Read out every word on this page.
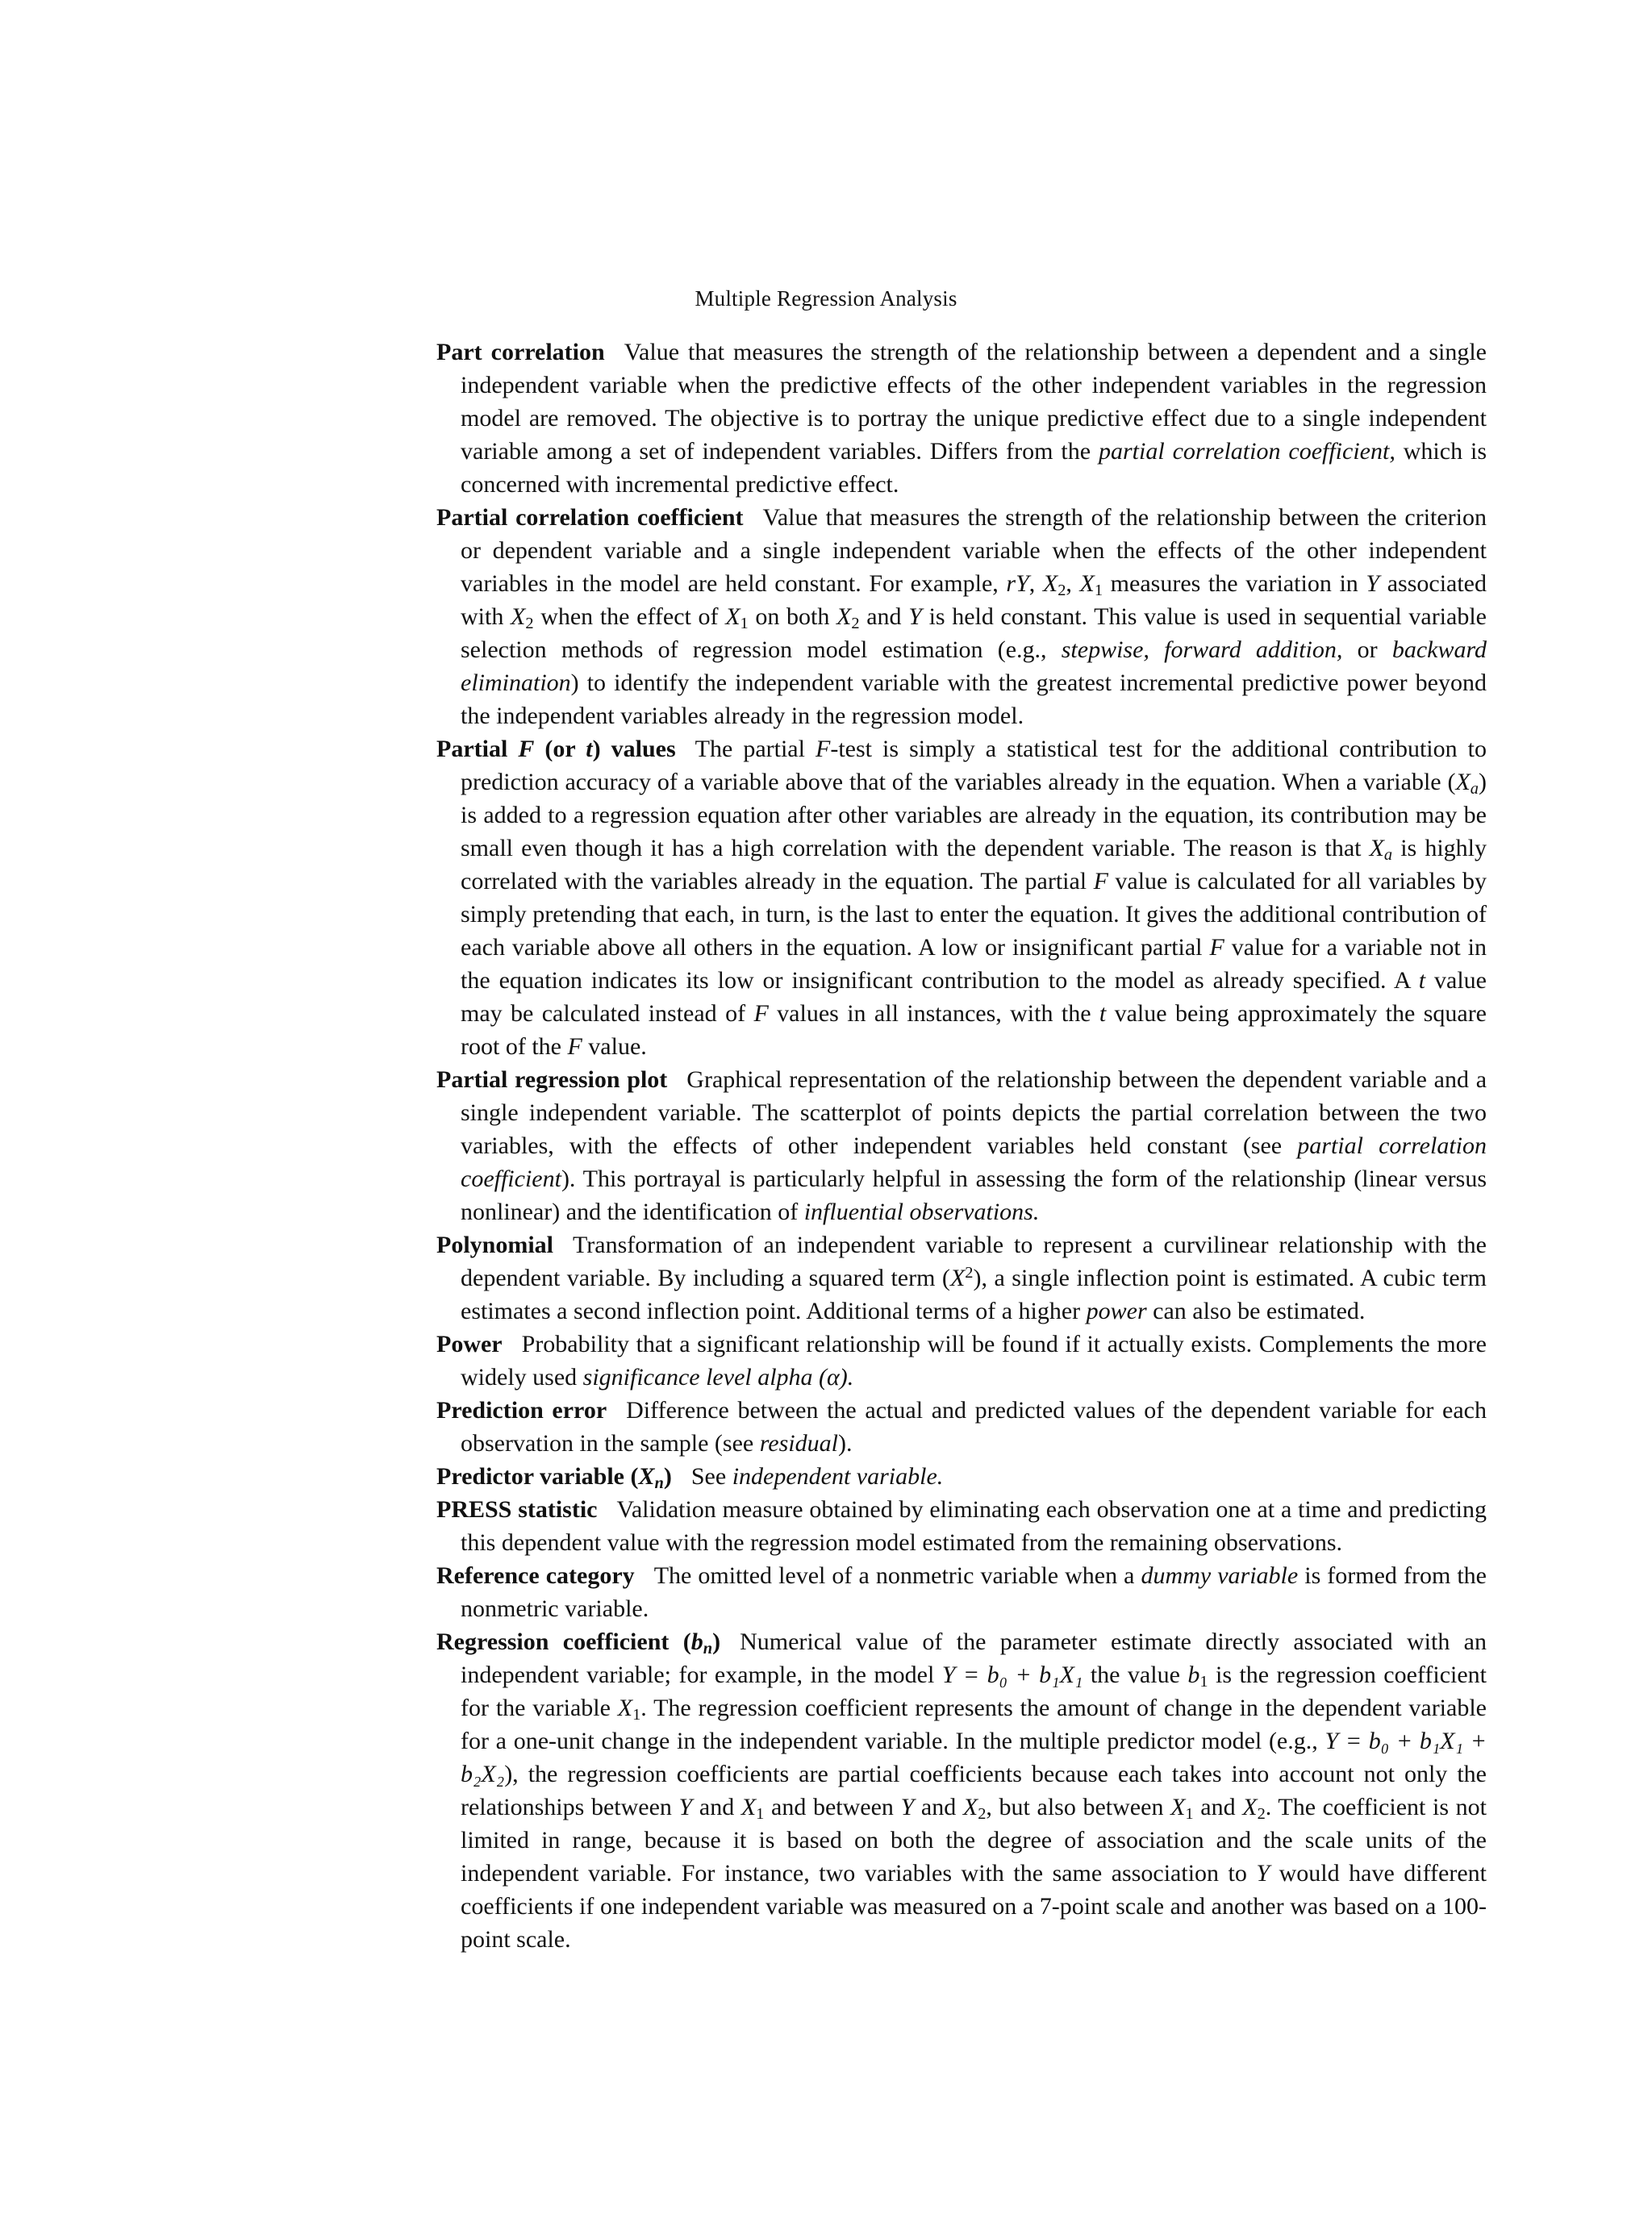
Multiple Regression Analysis

Part correlation Value that measures the strength of the relationship between a dependent and a single independent variable when the predictive effects of the other independent variables in the regression model are removed. The objective is to portray the unique predictive effect due to a single independent variable among a set of independent variables. Differs from the partial correlation coefficient, which is concerned with incremental predictive effect.

Partial correlation coefficient Value that measures the strength of the relationship between the criterion or dependent variable and a single independent variable when the effects of the other independent variables in the model are held constant. For example, rY, $X_2$, $X_1$ measures the variation in Y associated with $X_2$ when the effect of $X_1$ on both $X_2$ and Y is held constant. This value is used in sequential variable selection methods of regression model estimation (e.g., stepwise, forward addition, or backward elimination) to identify the independent variable with the greatest incremental predictive power beyond the independent variables already in the regression model.

Partial F (or t) values The partial F-test is simply a statistical test for the additional contribution to prediction accuracy of a variable above that of the variables already in the equation. When a variable $(X_a)$ is added to a regression equation after other variables are already in the equation, its contribution may be small even though it has a high correlation with the dependent variable. The reason is that $X_a$ is highly correlated with the variables already in the equation. The partial F value is calculated for all variables by simply pretending that each, in turn, is the last to enter the equation. It gives the additional contribution of each variable above all others in the equation. A low or insignificant partial F value for a variable not in the equation indicates its low or insignificant contribution to the model as already specified. A t value may be calculated instead of F values in all instances, with the t value being approximately the square root of the F value.

Partial regression plot Graphical representation of the relationship between the dependent variable and a single independent variable. The scatterplot of points depicts the partial correlation between the two variables, with the effects of other independent variables held constant (see partial correlation coefficient). This portrayal is particularly helpful in assessing the form of the relationship (linear versus nonlinear) and the identification of influential observations.

Polynomial Transformation of an independent variable to represent a curvilinear relationship with the dependent variable. By including a squared term $(X^2)$, a single inflection point is estimated. A cubic term estimates a second inflection point. Additional terms of a higher power can also be estimated.

Power Probability that a significant relationship will be found if it actually exists. Complements the more widely used significance level alpha (α).

Prediction error Difference between the actual and predicted values of the dependent variable for each observation in the sample (see residual).

Predictor variable $(X_n)$ See independent variable.

PRESS statistic Validation measure obtained by eliminating each observation one at a time and predicting this dependent value with the regression model estimated from the remaining observations.

Reference category The omitted level of a nonmetric variable when a dummy variable is formed from the nonmetric variable.

Regression coefficient $(b_n)$ Numerical value of the parameter estimate directly associated with an independent variable; for example, in the model Y = b₀ + b₁X₁ the value $b_1$ is the regression coefficient for the variable $X_1$. The regression coefficient represents the amount of change in the dependent variable for a one-unit change in the independent variable. In the multiple predictor model (e.g., Y = b₀ + b₁X₁ + b₂X₂), the regression coefficients are partial coefficients because each takes into account not only the relationships between Y and $X_1$ and between Y and $X_2$, but also between $X_1$ and $X_2$. The coefficient is not limited in range, because it is based on both the degree of association and the scale units of the independent variable. For instance, two variables with the same association to Y would have different coefficients if one independent variable was measured on a 7-point scale and another was based on a 100-point scale.
